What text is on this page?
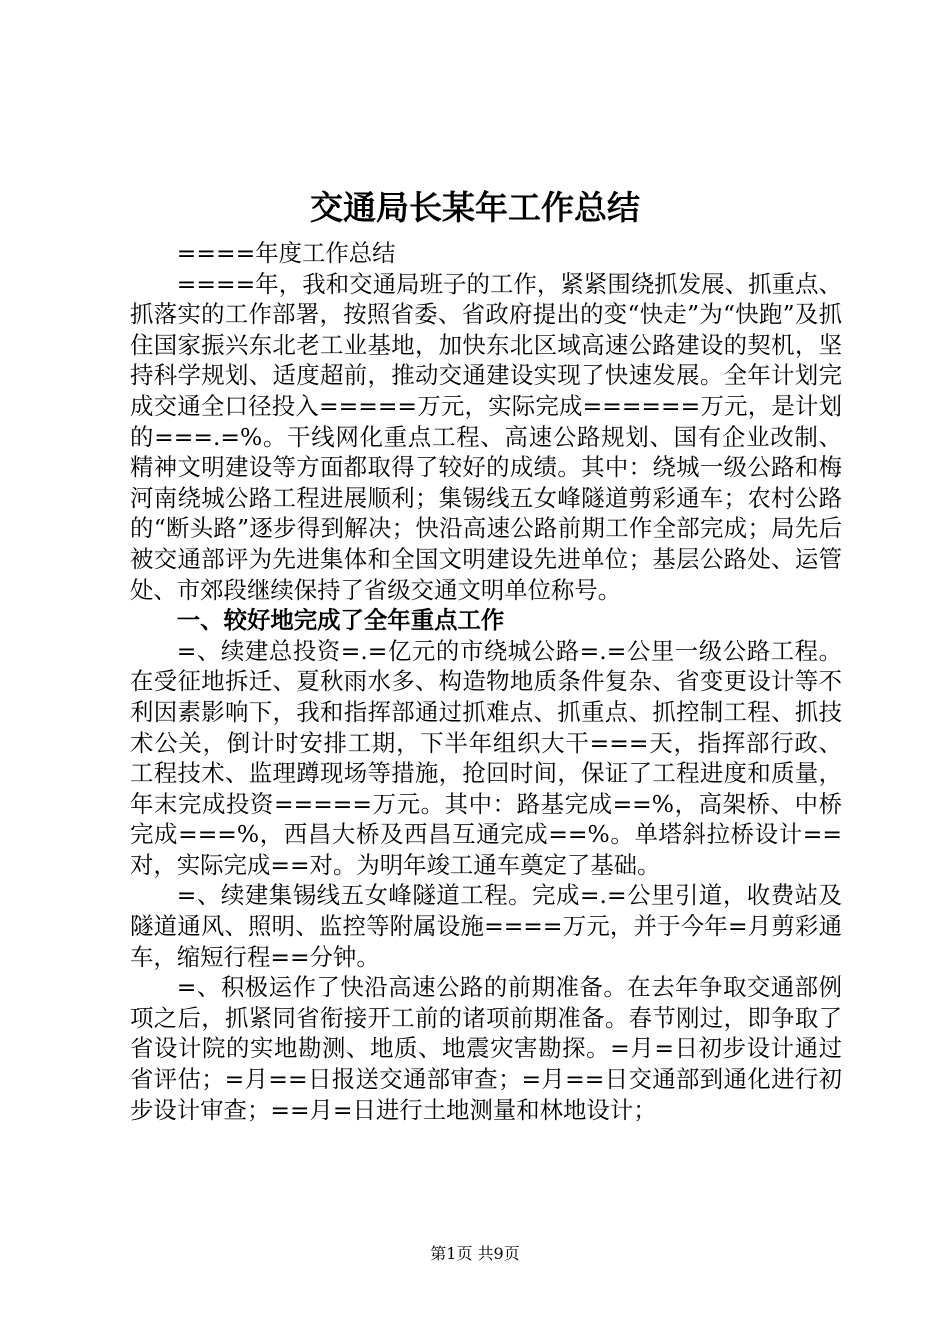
交通局长某年工作总结

====年度工作总结

====年，我和交通局班子的工作，紧紧围绕抓发展、抓重点、抓落实的工作部署，按照省委、省政府提出的变“快走”为“快跑”及抓住国家振兴东北老工业基地，加快东北区域高速公路建设的契机，坚持科学规划、适度超前，推动交通建设实现了快速发展。全年计划完成交通全口径投入=====万元，实际完成======万元，是计划的===.=%。干线网化重点工程、高速公路规划、国有企业改制、精神文明建设等方面都取得了较好的成绩。其中：绕城一级公路和梅河南绕城公路工程进展顺利；集锡线五女峰隧道剪彩通车；农村公路的“断头路”逐步得到解决；快沿高速公路前期工作全部完成；局先后被交通部评为先进集体和全国文明建设先进单位；基层公路处、运管处、市郊段继续保持了省级交通文明单位称号。

一、较好地完成了全年重点工作

=、续建总投资=.=亿元的市绕城公路=.=公里一级公路工程。在受征地拆迁、夏秋雨水多、构造物地质条件复杂、省变更设计等不利因素影响下，我和指挥部通过抓难点、抓重点、抓控制工程、抓技术公关，倒计时安排工期，下半年组织大干===天，指挥部行政、工程技术、监理蹲现场等措施，抢回时间，保证了工程进度和质量，年末完成投资=====万元。其中：路基完成==%，高架桥、中桥完成===%，西昌大桥及西昌互通完成==%。单塔斜拉桥设计==对，实际完成==对。为明年竣工通车奠定了基础。

=、续建集锡线五女峰隧道工程。完成=.=公里引道，收费站及隧道通风、照明、监控等附属设施====万元，并于今年=月剪彩通车，缩短行程==分钟。

=、积极运作了快沿高速公路的前期准备。在去年争取交通部例项之后，抓紧同省衔接开工前的诸项前期准备。春节刚过，即争取了省设计院的实地勘测、地质、地震灾害勘探。=月=日初步设计通过省评估；=月==日报送交通部审查；=月==日交通部到通化进行初步设计审查；==月=日进行土地测量和林地设计；

第1页 共9页
